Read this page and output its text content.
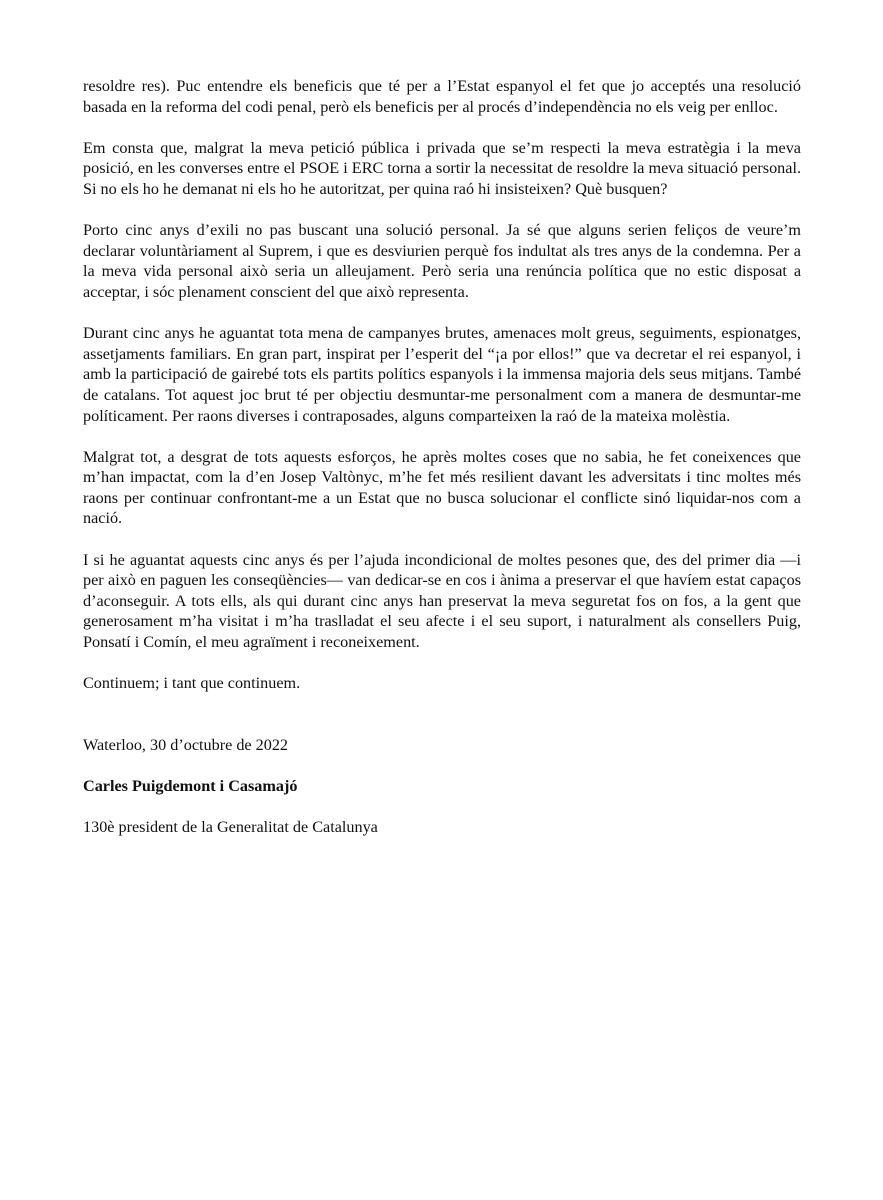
resoldre res). Puc entendre els beneficis que té per a l’Estat espanyol el fet que jo acceptés una resolució basada en la reforma del codi penal, però els beneficis per al procés d’independència no els veig per enlloc.

Em consta que, malgrat la meva petició pública i privada que se’m respecti la meva estratègia i la meva posició, en les converses entre el PSOE i ERC torna a sortir la necessitat de resoldre la meva situació personal. Si no els ho he demanat ni els ho he autoritzat, per quina raó hi insisteixen? Què busquen?

Porto cinc anys d’exili no pas buscant una solució personal. Ja sé que alguns serien feliços de veure’m declarar voluntàriament al Suprem, i que es desviurien perquè fos indultat als tres anys de la condemna. Per a la meva vida personal això seria un alleujament. Però seria una renúncia política que no estic disposat a acceptar, i sóc plenament conscient del que això representa.

Durant cinc anys he aguantat tota mena de campanyes brutes, amenaces molt greus, seguiments, espionatges, assetjaments familiars. En gran part, inspirat per l’esperit del “¡a por ellos!” que va decretar el rei espanyol, i amb la participació de gairebé tots els partits polítics espanyols i la immensa majoria dels seus mitjans. També de catalans. Tot aquest joc brut té per objectiu desmuntar-me personalment com a manera de desmuntar-me políticament. Per raons diverses i contraposades, alguns comparteixen la raó de la mateixa molèstia.

Malgrat tot, a desgrat de tots aquests esforços, he après moltes coses que no sabia, he fet coneixences que m’han impactat, com la d’en Josep Valtònyc, m’he fet més resilient davant les adversitats i tinc moltes més raons per continuar confrontant-me a un Estat que no busca solucionar el conflicte sinó liquidar-nos com a nació.

I si he aguantat aquests cinc anys és per l’ajuda incondicional de moltes pesones que, des del primer dia —i per això en paguen les conseqüències— van dedicar-se en cos i ànima a preservar el que havíem estat capaços d’aconseguir. A tots ells, als qui durant cinc anys han preservat la meva seguretat fos on fos, a la gent que generosament m’ha visitat i m’ha traslladat el seu afecte i el seu suport, i naturalment als consellers Puig, Ponsatí i Comín, el meu agraïment i reconeixement.

Continuem; i tant que continuem.

Waterloo, 30 d’octubre de 2022

Carles Puigdemont i Casamajó

130è president de la Generalitat de Catalunya
